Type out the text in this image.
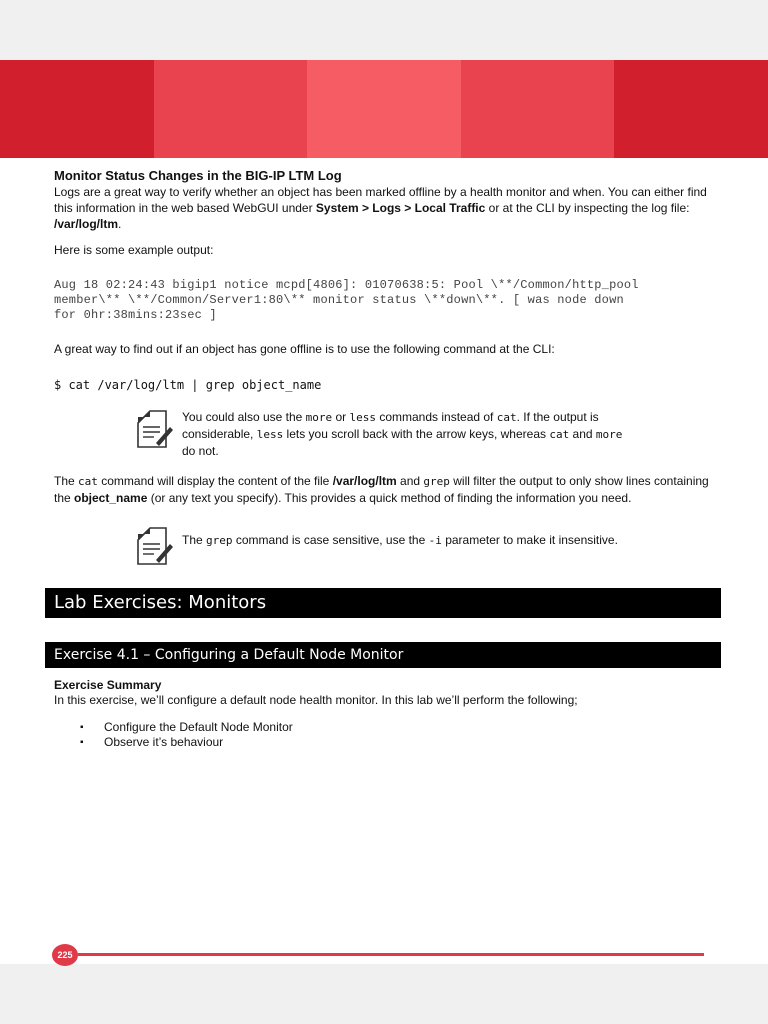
Monitor Status Changes in the BIG-IP LTM Log

Logs are a great way to verify whether an object has been marked offline by a health monitor and when. You can either find this information in the web based WebGUI under System > Logs > Local Traffic or at the CLI by inspecting the log file: /var/log/ltm.

Here is some example output:

Aug 18 02:24:43 bigip1 notice mcpd[4806]: 01070638:5: Pool \**/Common/http_pool
member\** \**/Common/Server1:80\** monitor status \**down\**. [ was node down
for 0hr:38mins:23sec ]

A great way to find out if an object has gone offline is to use the following command at the CLI:

$ cat /var/log/ltm | grep object_name
You could also use the more or less commands instead of cat. If the output is considerable, less lets you scroll back with the arrow keys, whereas cat and more do not.

The cat command will display the content of the file /var/log/ltm and grep will filter the output to only show lines containing the object_name (or any text you specify). This provides a quick method of finding the information you need.

The grep command is case sensitive, use the -i parameter to make it insensitive.
Lab Exercises: Monitors
Exercise 4.1 – Configuring a Default Node Monitor
Exercise Summary

In this exercise, we’ll configure a default node health monitor. In this lab we’ll perform the following;

▪ Configure the Default Node Monitor
▪ Observe it’s behaviour
225
